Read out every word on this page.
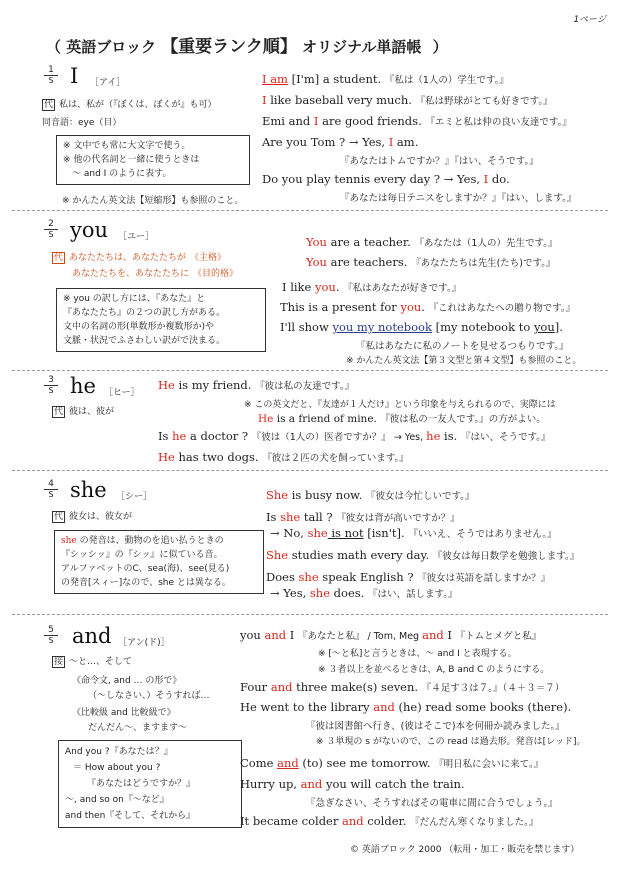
1ページ
（ 英語ブロック 【重要ランク順】 オリジナル単語帳 ）
1
S I ［アイ］
代 私は、私が（『ぼくは、ぼくが』も可）
同音語：eye（目）
※ 文中でも常に大文字で使う。
※ 他の代名詞と一緒に使うときは
　～ and I のように表す。
※ かんたん英文法【短縮形】も参照のこと。
I am [I'm] a student. 『私は（1人の）学生です。』
I like baseball very much. 『私は野球がとても好きです。』
Emi and I are good friends. 『エミと私は仲の良い友達です。』
Are you Tom ? → Yes, I am.
『あなたはトムですか？』『はい、そうです。』
Do you play tennis every day ? → Yes, I do.
『あなたは毎日テニスをしますか？』『はい、します。』
2
S you ［ユー］
代 あなたたちは、あなたたちが 《主格》
あなたたちを、あなたたちに 《目的格》
※ you の訳し方には、『あなた』と
『あなたたち』の２つの訳し方がある。
文中の名詞の形(単数形か複数形か)や
文脈・状況でふさわしい訳がで決まる。
You are a teacher. 『あなたは（1人の）先生です。』
You are teachers. 『あなたたちは先生(たち)です。』
I like you. 『私はあなたが好きです。』
This is a present for you. 『これはあなたへの贈り物です。』
I'll show you my notebook [my notebook to you].
『私はあなたに私のノートを見せるつもりです。』
※ かんたん英文法【第３文型と第４文型】も参照のこと。
3
S he ［ヒー］
代 彼は、彼が
He is my friend. 『彼は私の友達です。』
※ この英文だと、『友達が１人だけ』という印象を与えられるので、実際には
He is a friend of mine. 『彼は私の一友人です。』の方がよい。
Is he a doctor ? 『彼は（1人の）医者ですか？』 → Yes, he is. 『はい、そうです。』
He has two dogs. 『彼は２匹の犬を飼っています。』
4
S she ［シー］
代 彼女は、彼女が
she の発音は、動物のを追い払うときの
『シッシッ』の『シッ』に似ている音。
アルファベットのC、sea(海)、see(見る)
の発音[スィー]なので、she とは異なる。
She is busy now. 『彼女は今忙しいです。』
Is she tall ? 『彼女は背が高いですか？』
→ No, she is not [isn't]. 『いいえ、そうではありません。』
She studies math every day. 『彼女は毎日数学を勉強します。』
Does she speak English ? 『彼女は英語を話しますか？』
→ Yes, she does. 『はい、話します。』
5
S and ［アン(ド)］
接 ～と…、そして
《命令文, and … の形で》
（～しなさい、）そうすれば…
《比較級 and 比較級で》
だんだん～、ますます～
And you ?『あなたは？』
＝ How about you ?
『あなたはどうですか？』
～, and so on『～など』
and then『そして、それから』
you and I 『あなたと私』 / Tom, Meg and I 『トムとメグと私』
※ [～と私]と言うときは、～ and I と表現する。
※ ３者以上を並べるときは、A, B and C のようにする。
Four and three make(s) seven. 『４足す３は７。』（４＋３＝７）
He went to the library and (he) read some books (there).
『彼は図書館へ行き、(彼はそこで)本を何冊か読みました。』
※ ３単現の s がないので、この read は過去形。発音は[レッド]。
Come and (to) see me tomorrow. 『明日私に会いに来て。』
Hurry up, and you will catch the train.
『急ぎなさい、そうすればその電車に間に合うでしょう。』
It became colder and colder. 『だんだん寒くなりました。』
© 英語ブロック 2000 （転用・加工・販売を禁じます）
